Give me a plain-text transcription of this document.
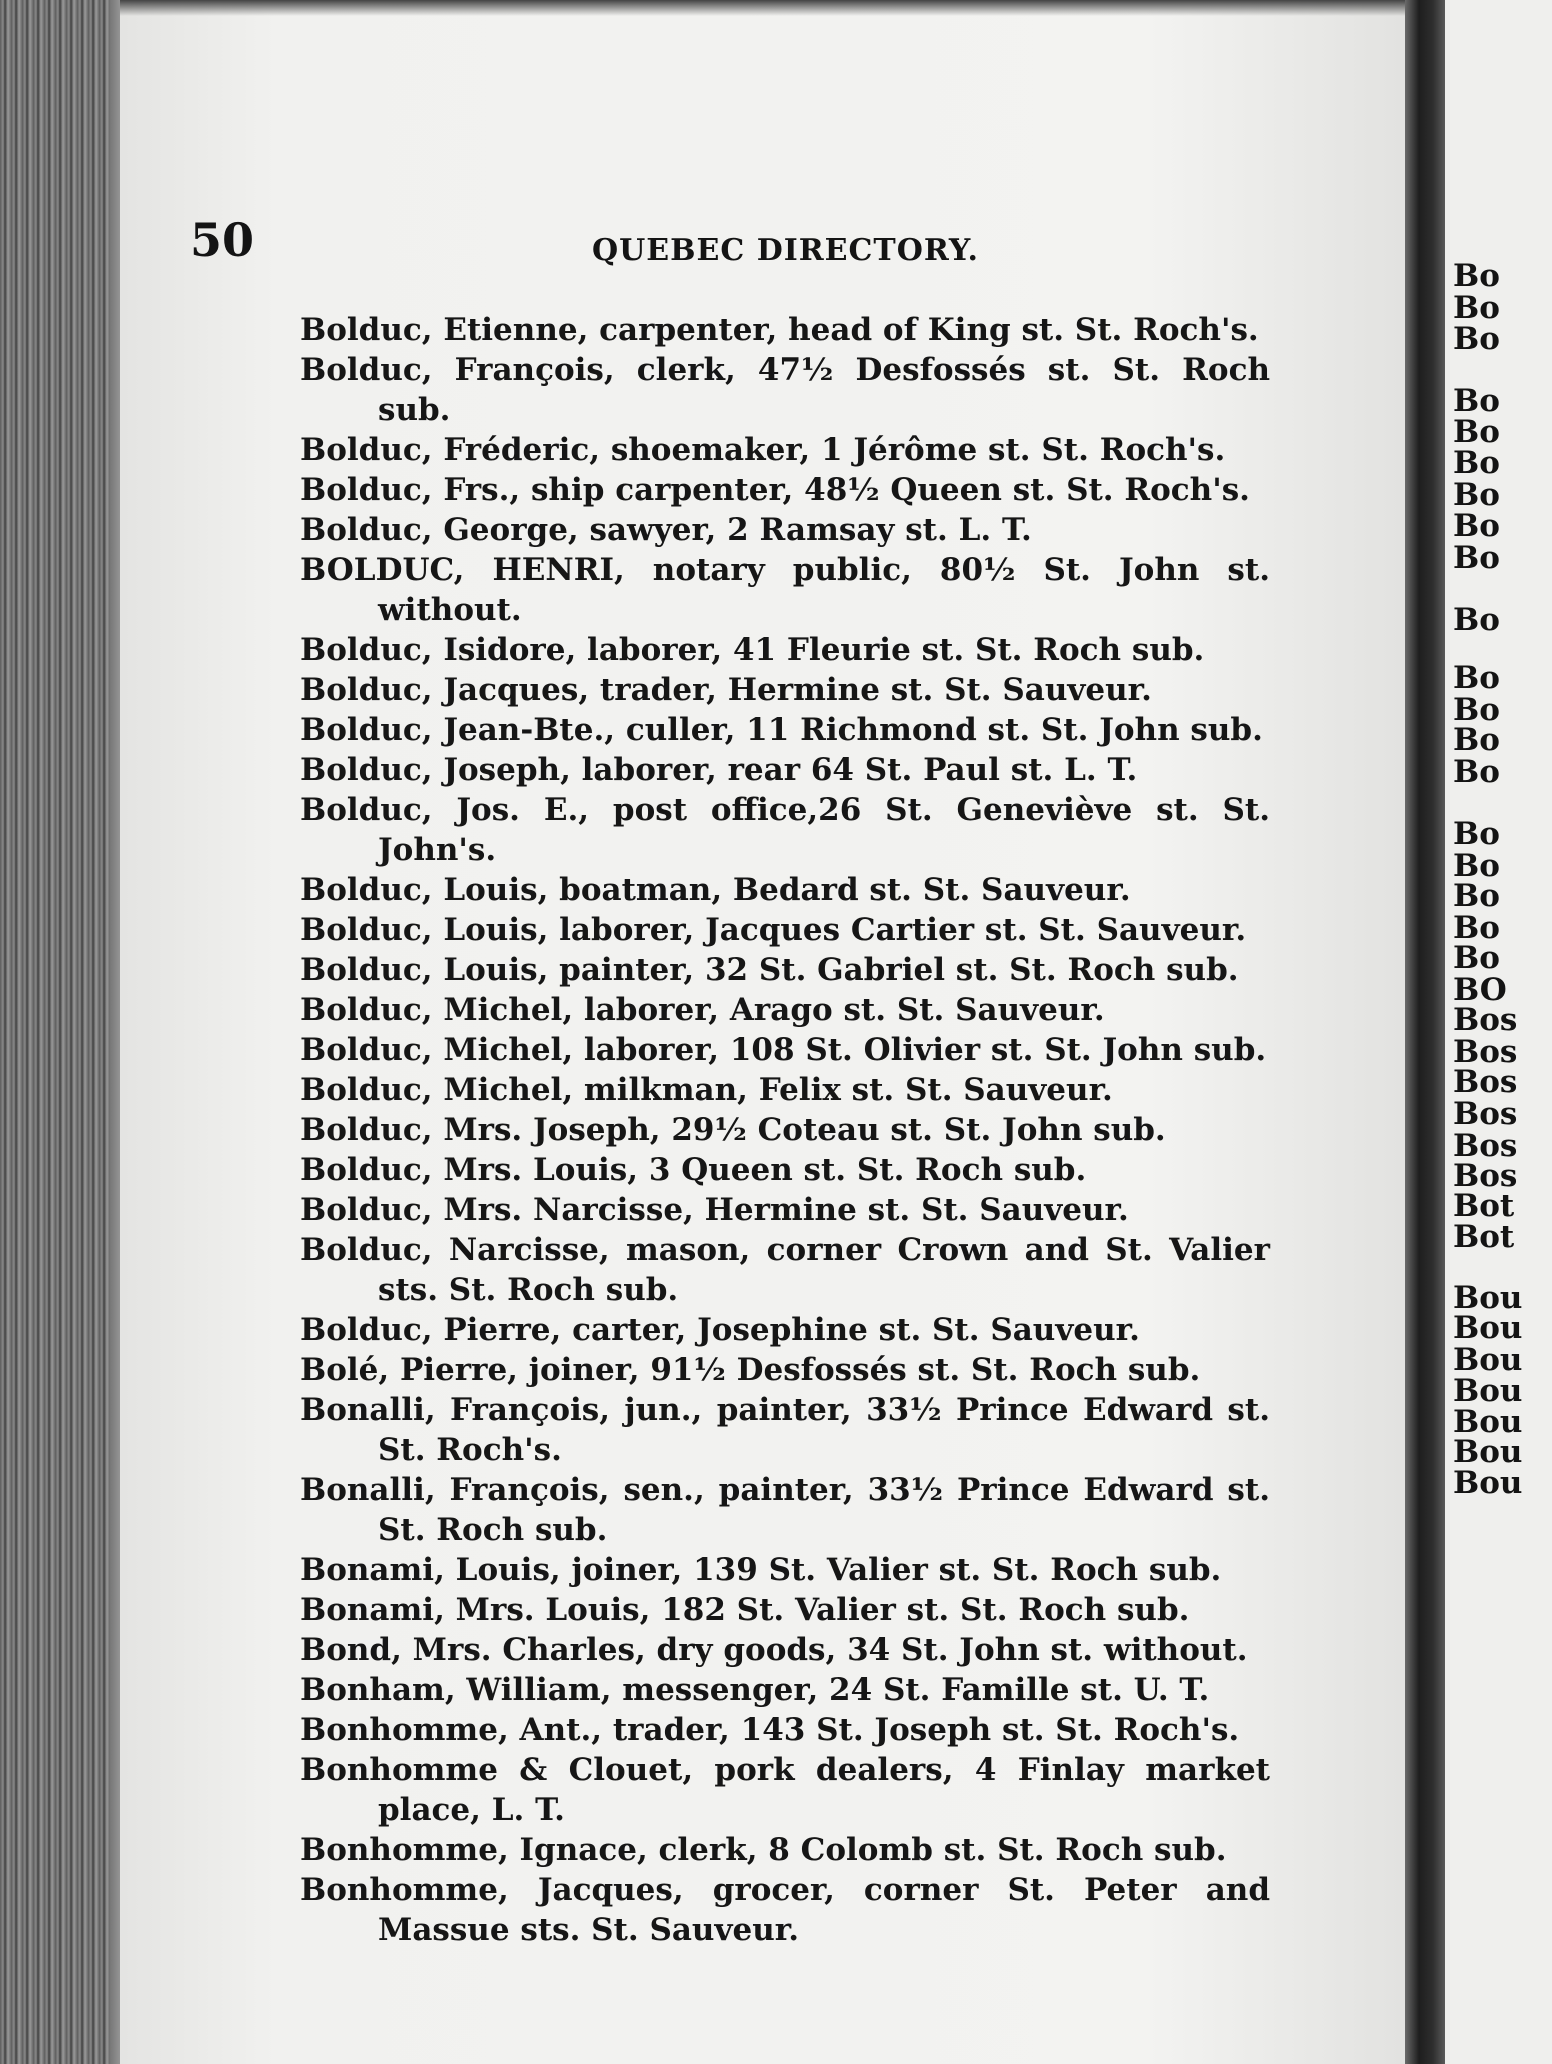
50	QUEBEC DIRECTORY.

Bolduc, Etienne, carpenter, head of King st. St. Roch's.

Bolduc, François, clerk, 47½ Desfossés st. St. Roch sub.

Bolduc, Fréderic, shoemaker, 1 Jérôme st. St. Roch's.

Bolduc, Frs., ship carpenter, 48½ Queen st. St. Roch's.

Bolduc, George, sawyer, 2 Ramsay st. L. T.

BOLDUC, HENRI, notary public, 80½ St. John st. without.

Bolduc, Isidore, laborer, 41 Fleurie st. St. Roch sub.

Bolduc, Jacques, trader, Hermine st. St. Sauveur.

Bolduc, Jean-Bte., culler, 11 Richmond st. St. John sub.

Bolduc, Joseph, laborer, rear 64 St. Paul st. L. T.

Bolduc, Jos. E., post office,26 St. Geneviève st. St. John's.

Bolduc, Louis, boatman, Bedard st. St. Sauveur.

Bolduc, Louis, laborer, Jacques Cartier st. St. Sauveur.

Bolduc, Louis, painter, 32 St. Gabriel st. St. Roch sub.

Bolduc, Michel, laborer, Arago st. St. Sauveur.

Bolduc, Michel, laborer, 108 St. Olivier st. St. John sub.

Bolduc, Michel, milkman, Felix st. St. Sauveur.

Bolduc, Mrs. Joseph, 29½ Coteau st. St. John sub.

Bolduc, Mrs. Louis, 3 Queen st. St. Roch sub.

Bolduc, Mrs. Narcisse, Hermine st. St. Sauveur.

Bolduc, Narcisse, mason, corner Crown and St. Valier sts. St. Roch sub.

Bolduc, Pierre, carter, Josephine st. St. Sauveur.

Bolé, Pierre, joiner, 91½ Desfossés st. St. Roch sub.

Bonalli, François, jun., painter, 33½ Prince Edward st. St. Roch's.

Bonalli, François, sen., painter, 33½ Prince Edward st. St. Roch sub.

Bonami, Louis, joiner, 139 St. Valier st. St. Roch sub.

Bonami, Mrs. Louis, 182 St. Valier st. St. Roch sub.

Bond, Mrs. Charles, dry goods, 34 St. John st. without.

Bonham, William, messenger, 24 St. Famille st. U. T.

Bonhomme, Ant., trader, 143 St. Joseph st. St. Roch's.

Bonhomme & Clouet, pork dealers, 4 Finlay market place, L. T.

Bonhomme, Ignace, clerk, 8 Colomb st. St. Roch sub.

Bonhomme, Jacques, grocer, corner St. Peter and Massue sts. St. Sauveur.

Bo
Bo
Bo
Bo
Bo
Bo
Bo
Bo
Bo
Bo
Bo
Bo
Bo
Bo
Bo
Bo
Bo
Bo
Bo
BO
Bos
Bos
Bos
Bos
Bos
Bos
Bot
Bot
Bou
Bou
Bou
Bou
Bou
Bou
Bou
